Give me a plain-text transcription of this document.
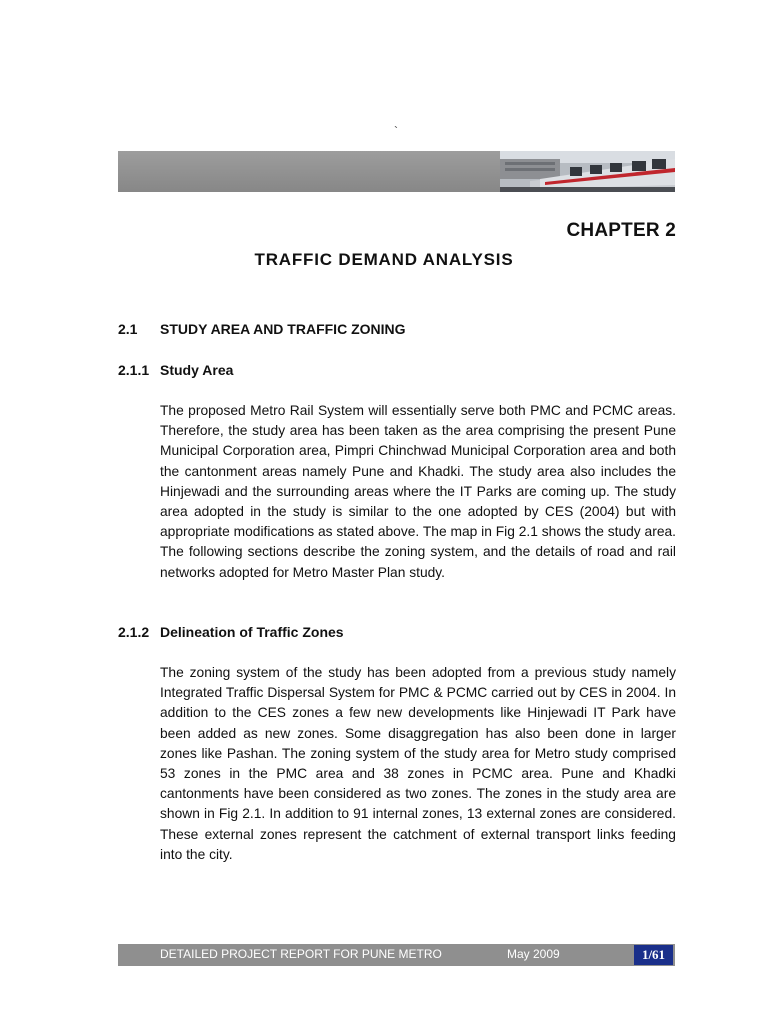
`
CHAPTER 2
TRAFFIC DEMAND ANALYSIS
2.1 STUDY AREA AND TRAFFIC ZONING
2.1.1 Study Area

The proposed Metro Rail System will essentially serve both PMC and PCMC areas. Therefore, the study area has been taken as the area comprising the present Pune Municipal Corporation area, Pimpri Chinchwad Municipal Corporation area and both the cantonment areas namely Pune and Khadki. The study area also includes the Hinjewadi and the surrounding areas where the IT Parks are coming up. The study area adopted in the study is similar to the one adopted by CES (2004) but with appropriate modifications as stated above. The map in Fig 2.1 shows the study area. The following sections describe the zoning system, and the details of road and rail networks adopted for Metro Master Plan study.

2.1.2 Delineation of Traffic Zones

The zoning system of the study has been adopted from a previous study namely Integrated Traffic Dispersal System for PMC & PCMC carried out by CES in 2004. In addition to the CES zones a few new developments like Hinjewadi IT Park have been added as new zones. Some disaggregation has also been done in larger zones like Pashan. The zoning system of the study area for Metro study comprised 53 zones in the PMC area and 38 zones in PCMC area. Pune and Khadki cantonments have been considered as two zones. The zones in the study area are shown in Fig 2.1. In addition to 91 internal zones, 13 external zones are considered. These external zones represent the catchment of external transport links feeding into the city.

DETAILED PROJECT REPORT FOR PUNE METRO	May 2009	1/61
